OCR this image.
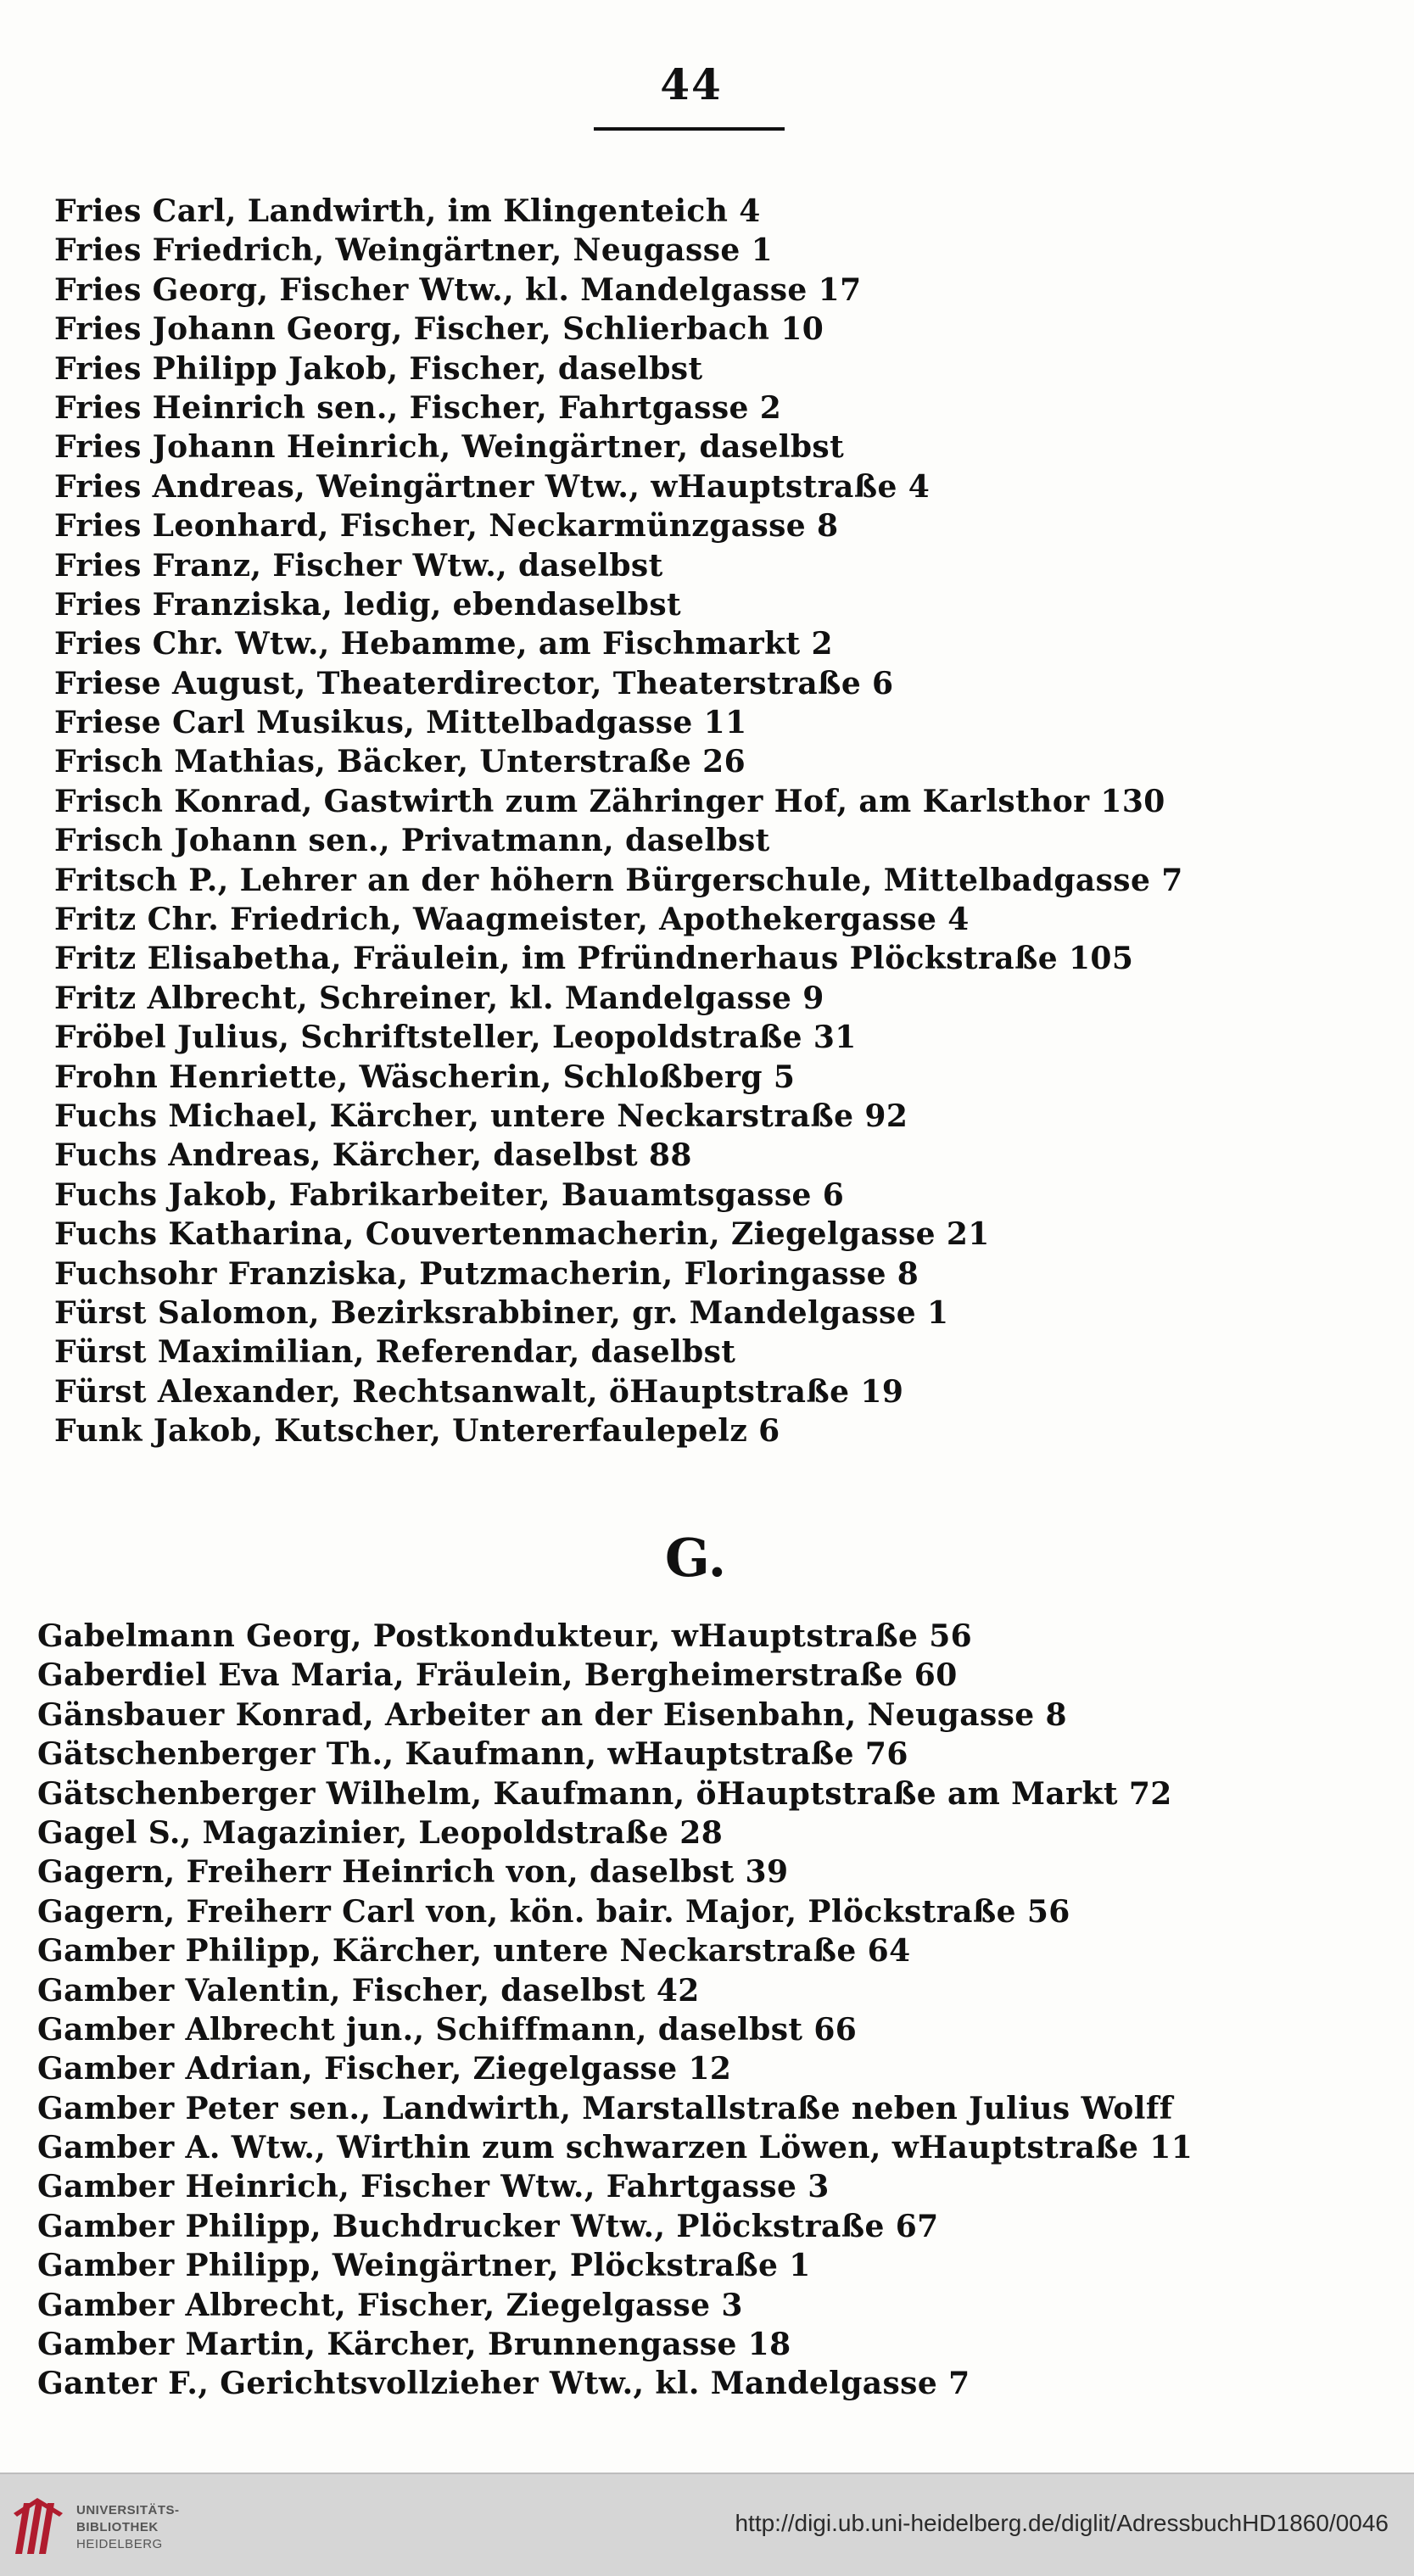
44
Fries Carl, Landwirth, im Klingenteich 4
Fries Friedrich, Weingärtner, Neugasse 1
Fries Georg, Fischer Wtw., kl. Mandelgasse 17
Fries Johann Georg, Fischer, Schlierbach 10
Fries Philipp Jakob, Fischer, daselbst
Fries Heinrich sen., Fischer, Fahrtgasse 2
Fries Johann Heinrich, Weingärtner, daselbst
Fries Andreas, Weingärtner Wtw., wHauptstraße 4
Fries Leonhard, Fischer, Neckarmünzgasse 8
Fries Franz, Fischer Wtw., daselbst
Fries Franziska, ledig, ebendaselbst
Fries Chr. Wtw., Hebamme, am Fischmarkt 2
Friese August, Theaterdirector, Theaterstraße 6
Friese Carl Musikus, Mittelbadgasse 11
Frisch Mathias, Bäcker, Unterstraße 26
Frisch Konrad, Gastwirth zum Zähringer Hof, am Karlsthor 130
Frisch Johann sen., Privatmann, daselbst
Fritsch P., Lehrer an der höhern Bürgerschule, Mittelbadgasse 7
Fritz Chr. Friedrich, Waagmeister, Apothekergasse 4
Fritz Elisabetha, Fräulein, im Pfründnerhaus Plöckstraße 105
Fritz Albrecht, Schreiner, kl. Mandelgasse 9
Fröbel Julius, Schriftsteller, Leopoldstraße 31
Frohn Henriette, Wäscherin, Schloßberg 5
Fuchs Michael, Kärcher, untere Neckarstraße 92
Fuchs Andreas, Kärcher, daselbst 88
Fuchs Jakob, Fabrikarbeiter, Bauamtsgasse 6
Fuchs Katharina, Couvertenmacherin, Ziegelgasse 21
Fuchsohr Franziska, Putzmacherin, Floringasse 8
Fürst Salomon, Bezirksrabbiner, gr. Mandelgasse 1
Fürst Maximilian, Referendar, daselbst
Fürst Alexander, Rechtsanwalt, öHauptstraße 19
Funk Jakob, Kutscher, Untererfaulepelz 6
G.
Gabelmann Georg, Postkondukteur, wHauptstraße 56
Gaberdiel Eva Maria, Fräulein, Bergheimerstraße 60
Gänsbauer Konrad, Arbeiter an der Eisenbahn, Neugasse 8
Gätschenberger Th., Kaufmann, wHauptstraße 76
Gätschenberger Wilhelm, Kaufmann, öHauptstraße am Markt 72
Gagel S., Magazinier, Leopoldstraße 28
Gagern, Freiherr Heinrich von, daselbst 39
Gagern, Freiherr Carl von, kön. bair. Major, Plöckstraße 56
Gamber Philipp, Kärcher, untere Neckarstraße 64
Gamber Valentin, Fischer, daselbst 42
Gamber Albrecht jun., Schiffmann, daselbst 66
Gamber Adrian, Fischer, Ziegelgasse 12
Gamber Peter sen., Landwirth, Marstallstraße neben Julius Wolff
Gamber A. Wtw., Wirthin zum schwarzen Löwen, wHauptstraße 11
Gamber Heinrich, Fischer Wtw., Fahrtgasse 3
Gamber Philipp, Buchdrucker Wtw., Plöckstraße 67
Gamber Philipp, Weingärtner, Plöckstraße 1
Gamber Albrecht, Fischer, Ziegelgasse 3
Gamber Martin, Kärcher, Brunnengasse 18
Ganter F., Gerichtsvollzieher Wtw., kl. Mandelgasse 7
UNIVERSITÄTS-
BIBLIOTHEK
HEIDELBERG
http://digi.ub.uni-heidelberg.de/diglit/AdressbuchHD1860/0046
